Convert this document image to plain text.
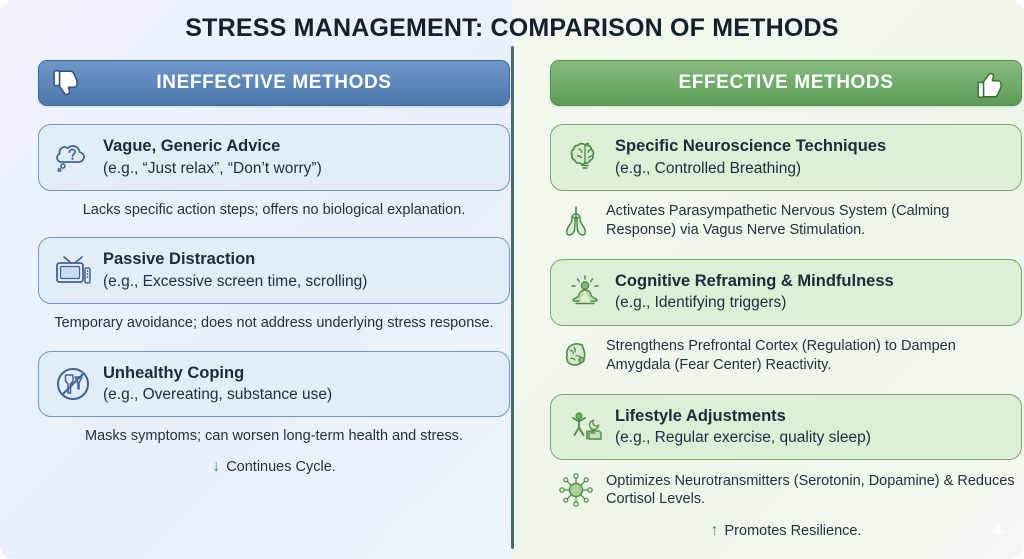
STRESS MANAGEMENT: COMPARISON OF METHODS
INEFFECTIVE METHODS
Vague, Generic Advice
(e.g., “Just relax”, “Don’t worry”)
Lacks specific action steps; offers no biological explanation.
Passive Distraction
(e.g., Excessive screen time, scrolling)
Temporary avoidance; does not address underlying stress response.
Unhealthy Coping
(e.g., Overeating, substance use)
Masks symptoms; can worsen long-term health and stress.
↓ Continues Cycle.
EFFECTIVE METHODS
Specific Neuroscience Techniques
(e.g., Controlled Breathing)
Activates Parasympathetic Nervous System (Calming Response) via Vagus Nerve Stimulation.
Cognitive Reframing & Mindfulness
(e.g., Identifying triggers)
Strengthens Prefrontal Cortex (Regulation) to Dampen Amygdala (Fear Center) Reactivity.
Lifestyle Adjustments
(e.g., Regular exercise, quality sleep)
Optimizes Neurotransmitters (Serotonin, Dopamine) & Reduces Cortisol Levels.
↑ Promotes Resilience.	✦
